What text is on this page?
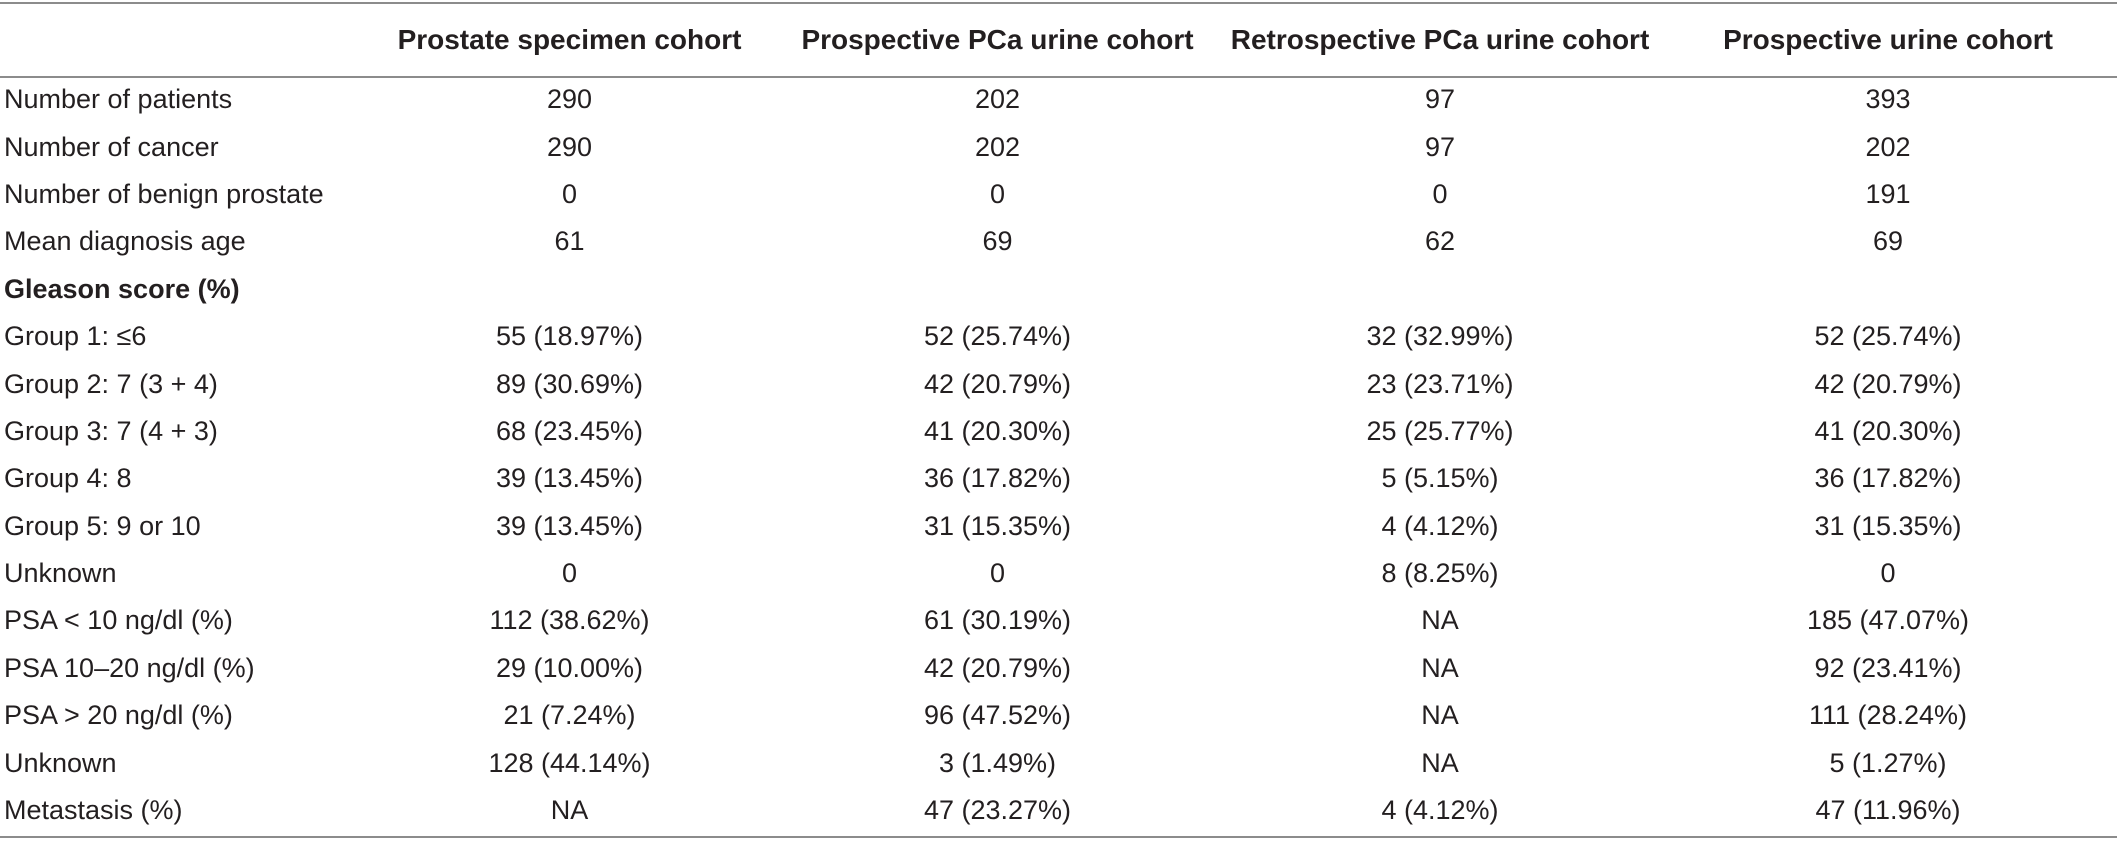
	Prostate specimen cohort	Prospective PCa urine cohort	Retrospective PCa urine cohort	Prospective urine cohort
Number of patients	290	202	97	393
Number of cancer	290	202	97	202
Number of benign prostate	0	0	0	191
Mean diagnosis age	61	69	62	69
Gleason score (%)				
Group 1: ≤6	55 (18.97%)	52 (25.74%)	32 (32.99%)	52 (25.74%)
Group 2: 7 (3 + 4)	89 (30.69%)	42 (20.79%)	23 (23.71%)	42 (20.79%)
Group 3: 7 (4 + 3)	68 (23.45%)	41 (20.30%)	25 (25.77%)	41 (20.30%)
Group 4: 8	39 (13.45%)	36 (17.82%)	5 (5.15%)	36 (17.82%)
Group 5: 9 or 10	39 (13.45%)	31 (15.35%)	4 (4.12%)	31 (15.35%)
Unknown	0	0	8 (8.25%)	0
PSA < 10 ng/dl (%)	112 (38.62%)	61 (30.19%)	NA	185 (47.07%)
PSA 10–20 ng/dl (%)	29 (10.00%)	42 (20.79%)	NA	92 (23.41%)
PSA > 20 ng/dl (%)	21 (7.24%)	96 (47.52%)	NA	111 (28.24%)
Unknown	128 (44.14%)	3 (1.49%)	NA	5 (1.27%)
Metastasis (%)	NA	47 (23.27%)	4 (4.12%)	47 (11.96%)
